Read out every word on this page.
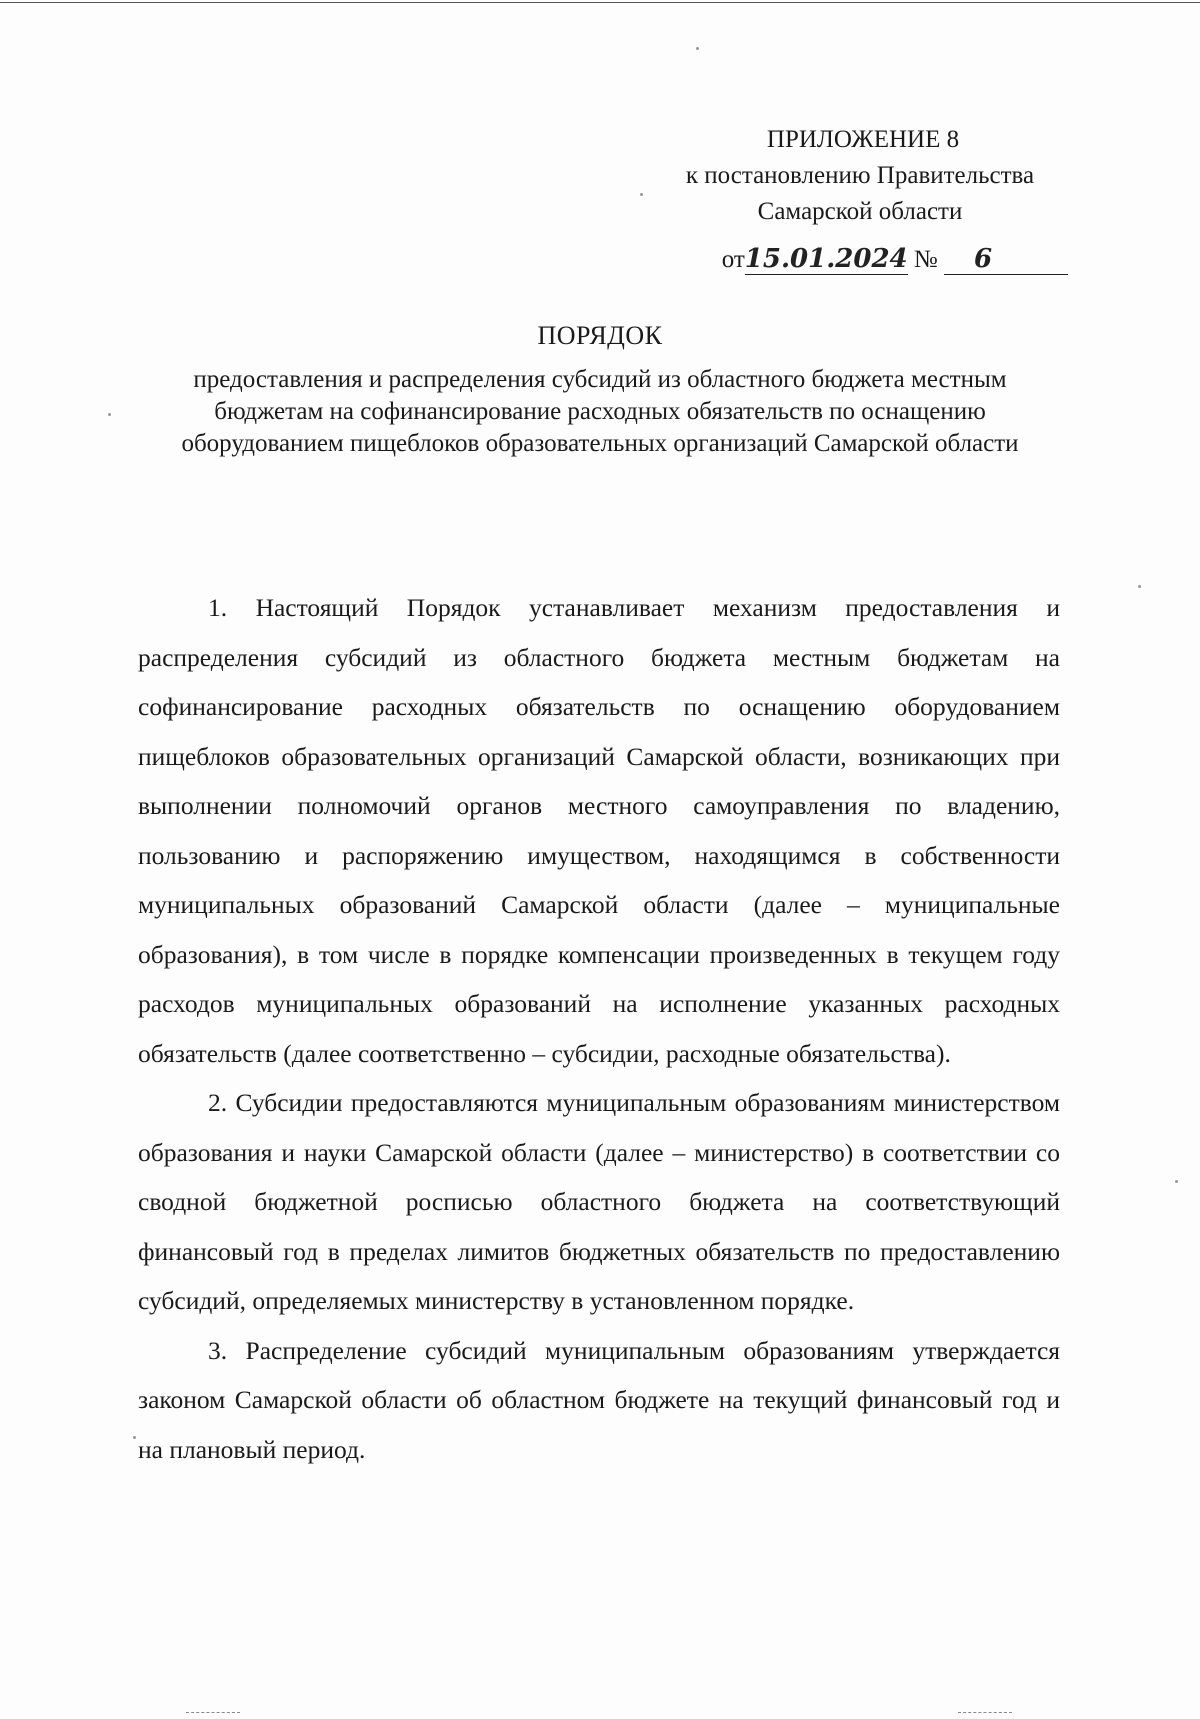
ПРИЛОЖЕНИЕ 8
к постановлению Правительства
Самарской области
от15.01.2024 № 6
ПОРЯДОК
предоставления и распределения субсидий из областного бюджета местным бюджетам на софинансирование расходных обязательств по оснащению оборудованием пищеблоков образовательных организаций Самарской области

1. Настоящий Порядок устанавливает механизм предоставления и распределения субсидий из областного бюджета местным бюджетам на софинансирование расходных обязательств по оснащению оборудованием пищеблоков образовательных организаций Самарской области, возникающих при выполнении полномочий органов местного самоуправления по владению, пользованию и распоряжению имуществом, находящимся в собственности муниципальных образований Самарской области (далее – муниципальные образования), в том числе в порядке компенсации произведенных в текущем году расходов муниципальных образований на исполнение указанных расходных обязательств (далее соответственно – субсидии, расходные обязательства).

2. Субсидии предоставляются муниципальным образованиям министерством образования и науки Самарской области (далее – министерство) в соответствии со сводной бюджетной росписью областного бюджета на соответствующий финансовый год в пределах лимитов бюджетных обязательств по предоставлению субсидий, определяемых министерству в установленном порядке.

3. Распределение субсидий муниципальным образованиям утверждается законом Самарской области об областном бюджете на текущий финансовый год и на плановый период.
